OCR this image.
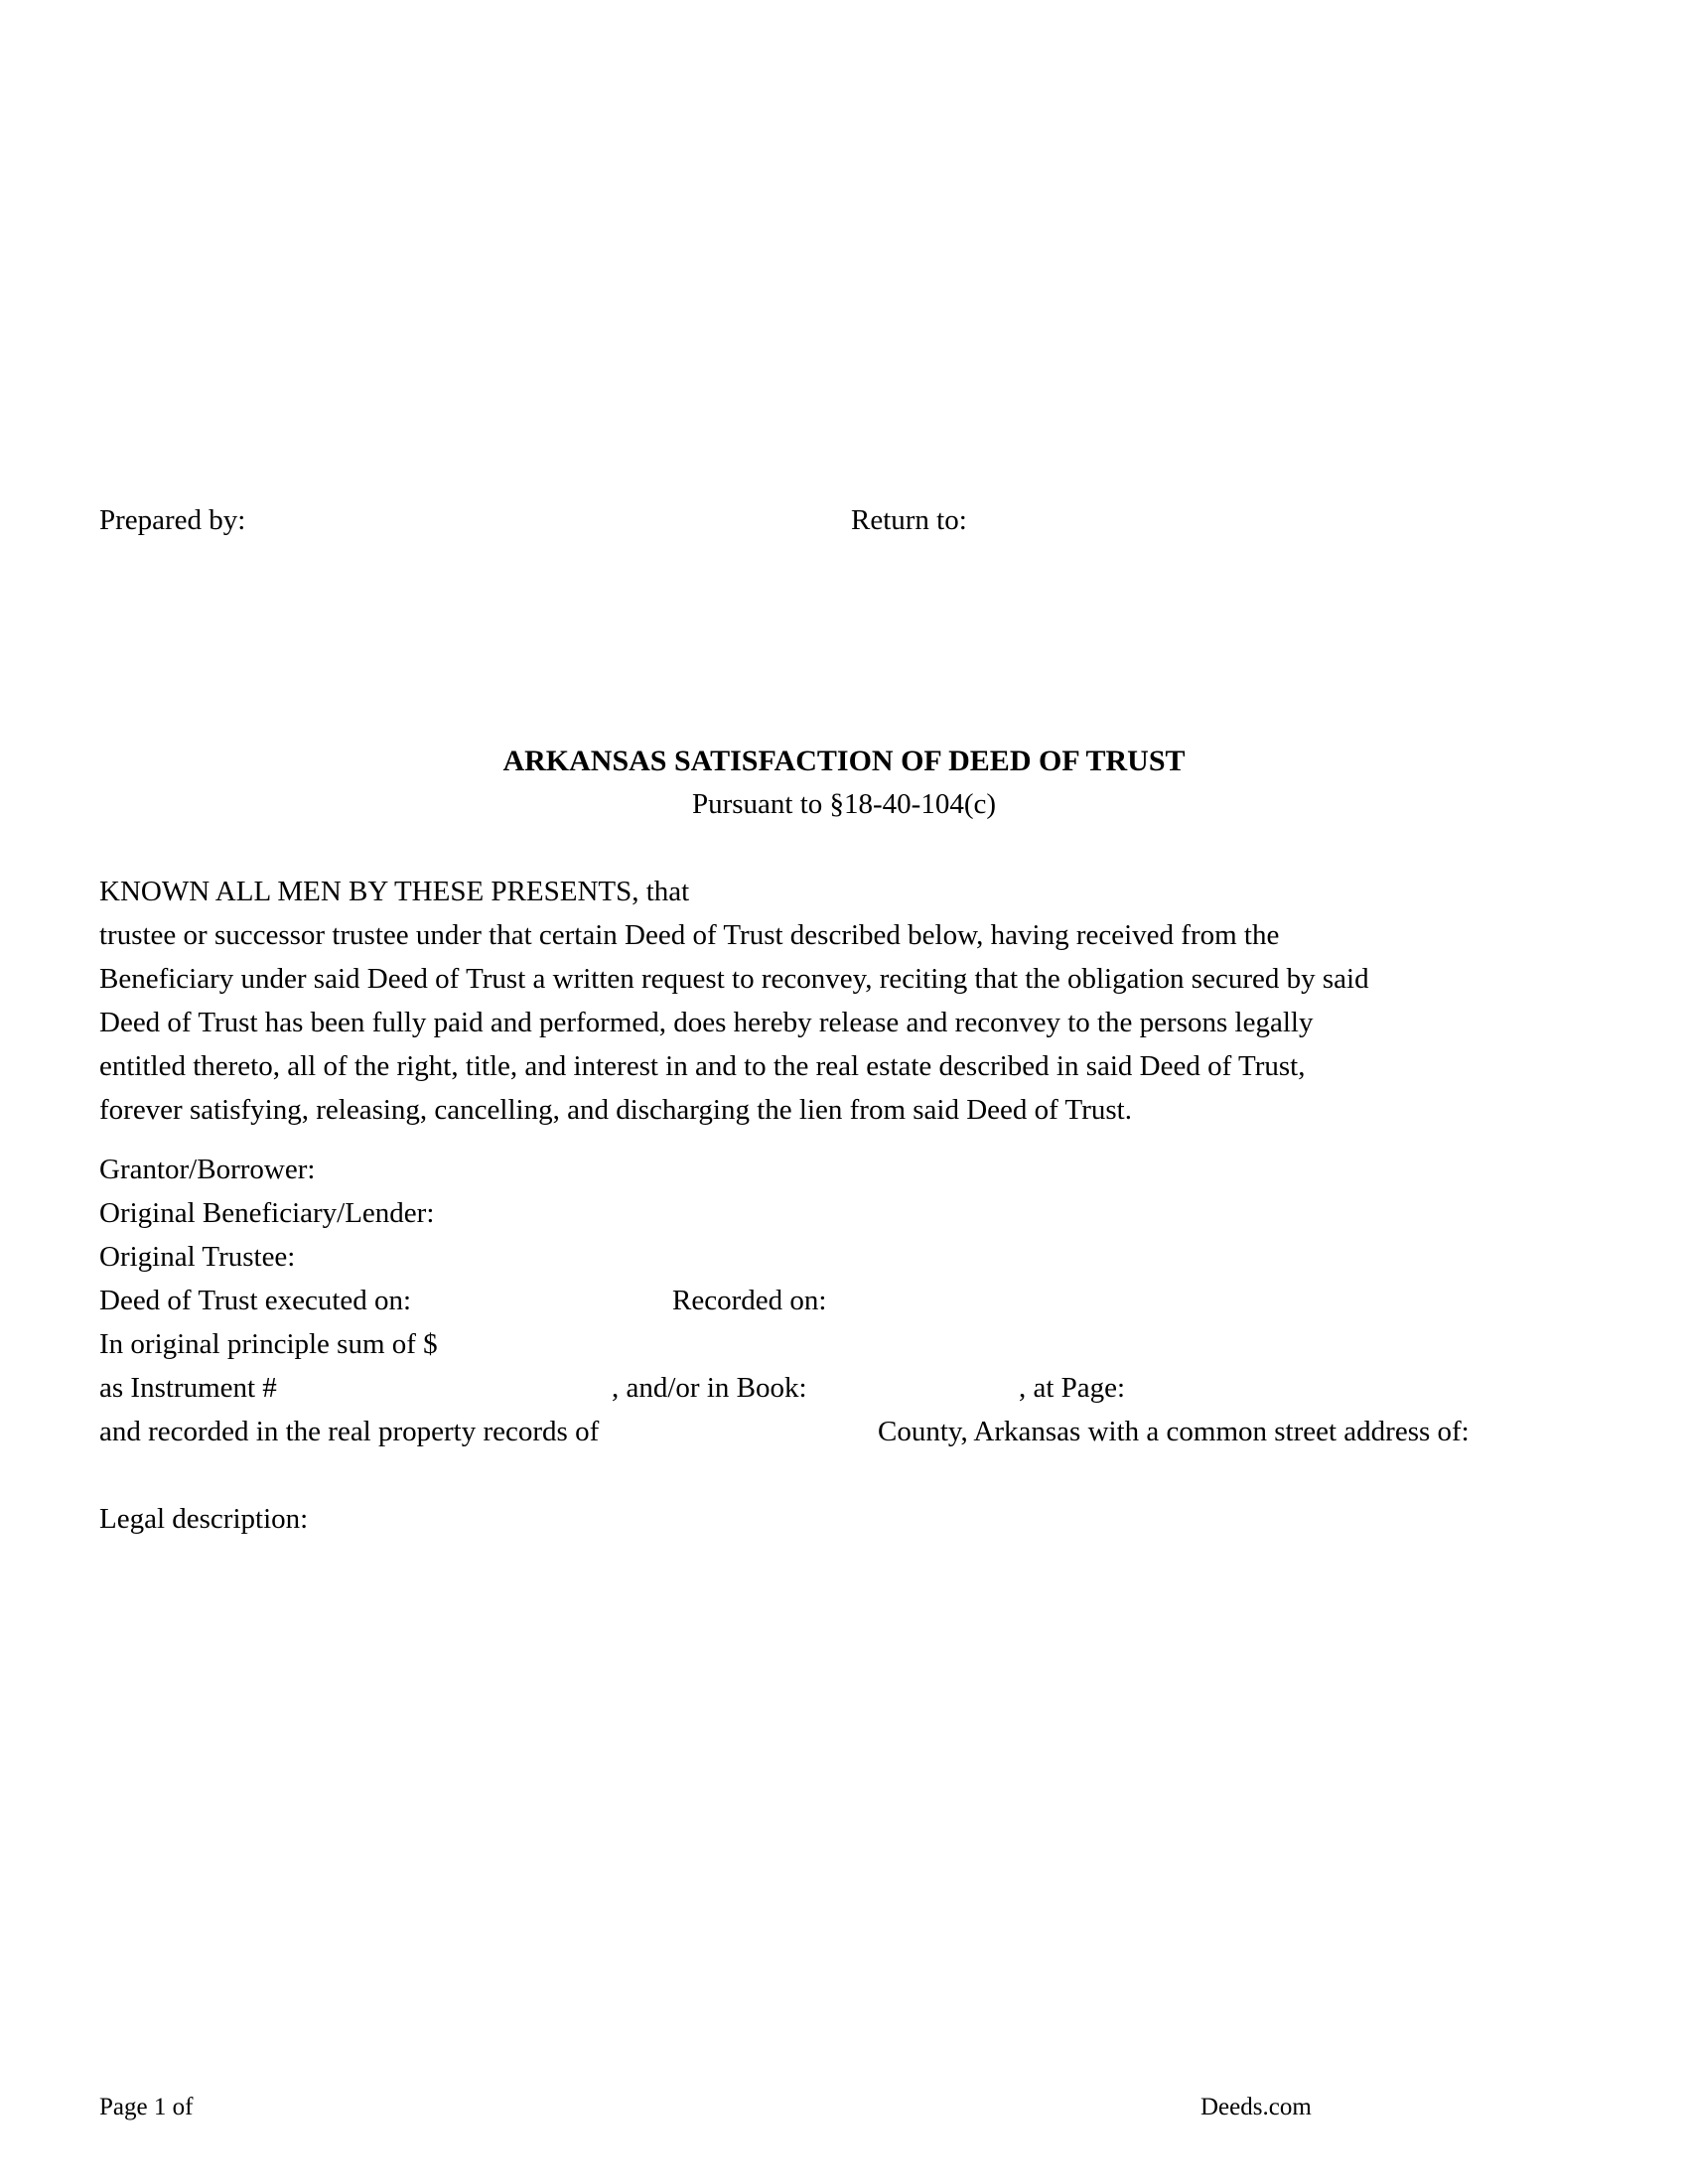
Prepared by:	Return to:
ARKANSAS SATISFACTION OF DEED OF TRUST
Pursuant to §18-40-104(c)
KNOWN ALL MEN BY THESE PRESENTS, that
trustee or successor trustee under that certain Deed of Trust described below, having received from the
Beneficiary under said Deed of Trust a written request to reconvey, reciting that the obligation secured by said
Deed of Trust has been fully paid and performed, does hereby release and reconvey to the persons legally
entitled thereto, all of the right, title, and interest in and to the real estate described in said Deed of Trust,
forever satisfying, releasing, cancelling, and discharging the lien from said Deed of Trust.
Grantor/Borrower:
Original Beneficiary/Lender:
Original Trustee:
Deed of Trust executed on:	Recorded on:
In original principle sum of $
as Instrument #	, and/or in Book:	, at Page:
and recorded in the real property records of	County, Arkansas with a common street address of:
Legal description:
Page 1 of	Deeds.com
